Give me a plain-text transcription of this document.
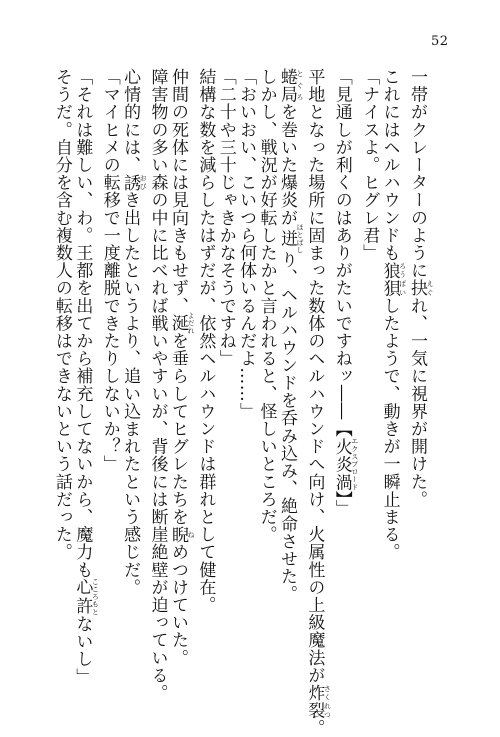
52
一帯がクレーターのように抉 えぐれ、一気に視界が開けた。
これにはヘルハウンドも狼狽 ろうばいしたようで、動きが一瞬止まる。
「ナイスよ。ヒグレ君」
「見通しが利くのはありがたいですねッ――【火炎渦 エクスプロード】」
平地となった場所に固まった数体のヘルハウンドへ向け、火属性の上級魔法が炸裂 さくれつ。
蜷局 とぐろを巻いた爆炎が迸 ほとばしり、ヘルハウンドを呑み込み、絶命させた。
しかし、戦況が好転したかと言われると、怪しいところだ。
「おいおい、こいつら何体いるんだよ……」
「二十や三十じゃきかなそうですね」
結構な数を減らしたはずだが、依然ヘルハウンドは群れとして健在。
仲間の死体には見向きもせず、涎 よだれを垂らしてヒグレたちを睨 ねめつけていた。
障害物の多い森の中に比べれば戦いやすいが、背後には断崖絶壁が迫っている。
心情的には、誘 おびき出したというより、追い込まれたという感じだ。
「マイヒメの転移で一度離脱できたりしないか？」
「それは難しい、わ。王都を出てから補充してないから、魔力も心許 こころもとないし」
そうだ。自分を含む複数人の転移はできないという話だった。
